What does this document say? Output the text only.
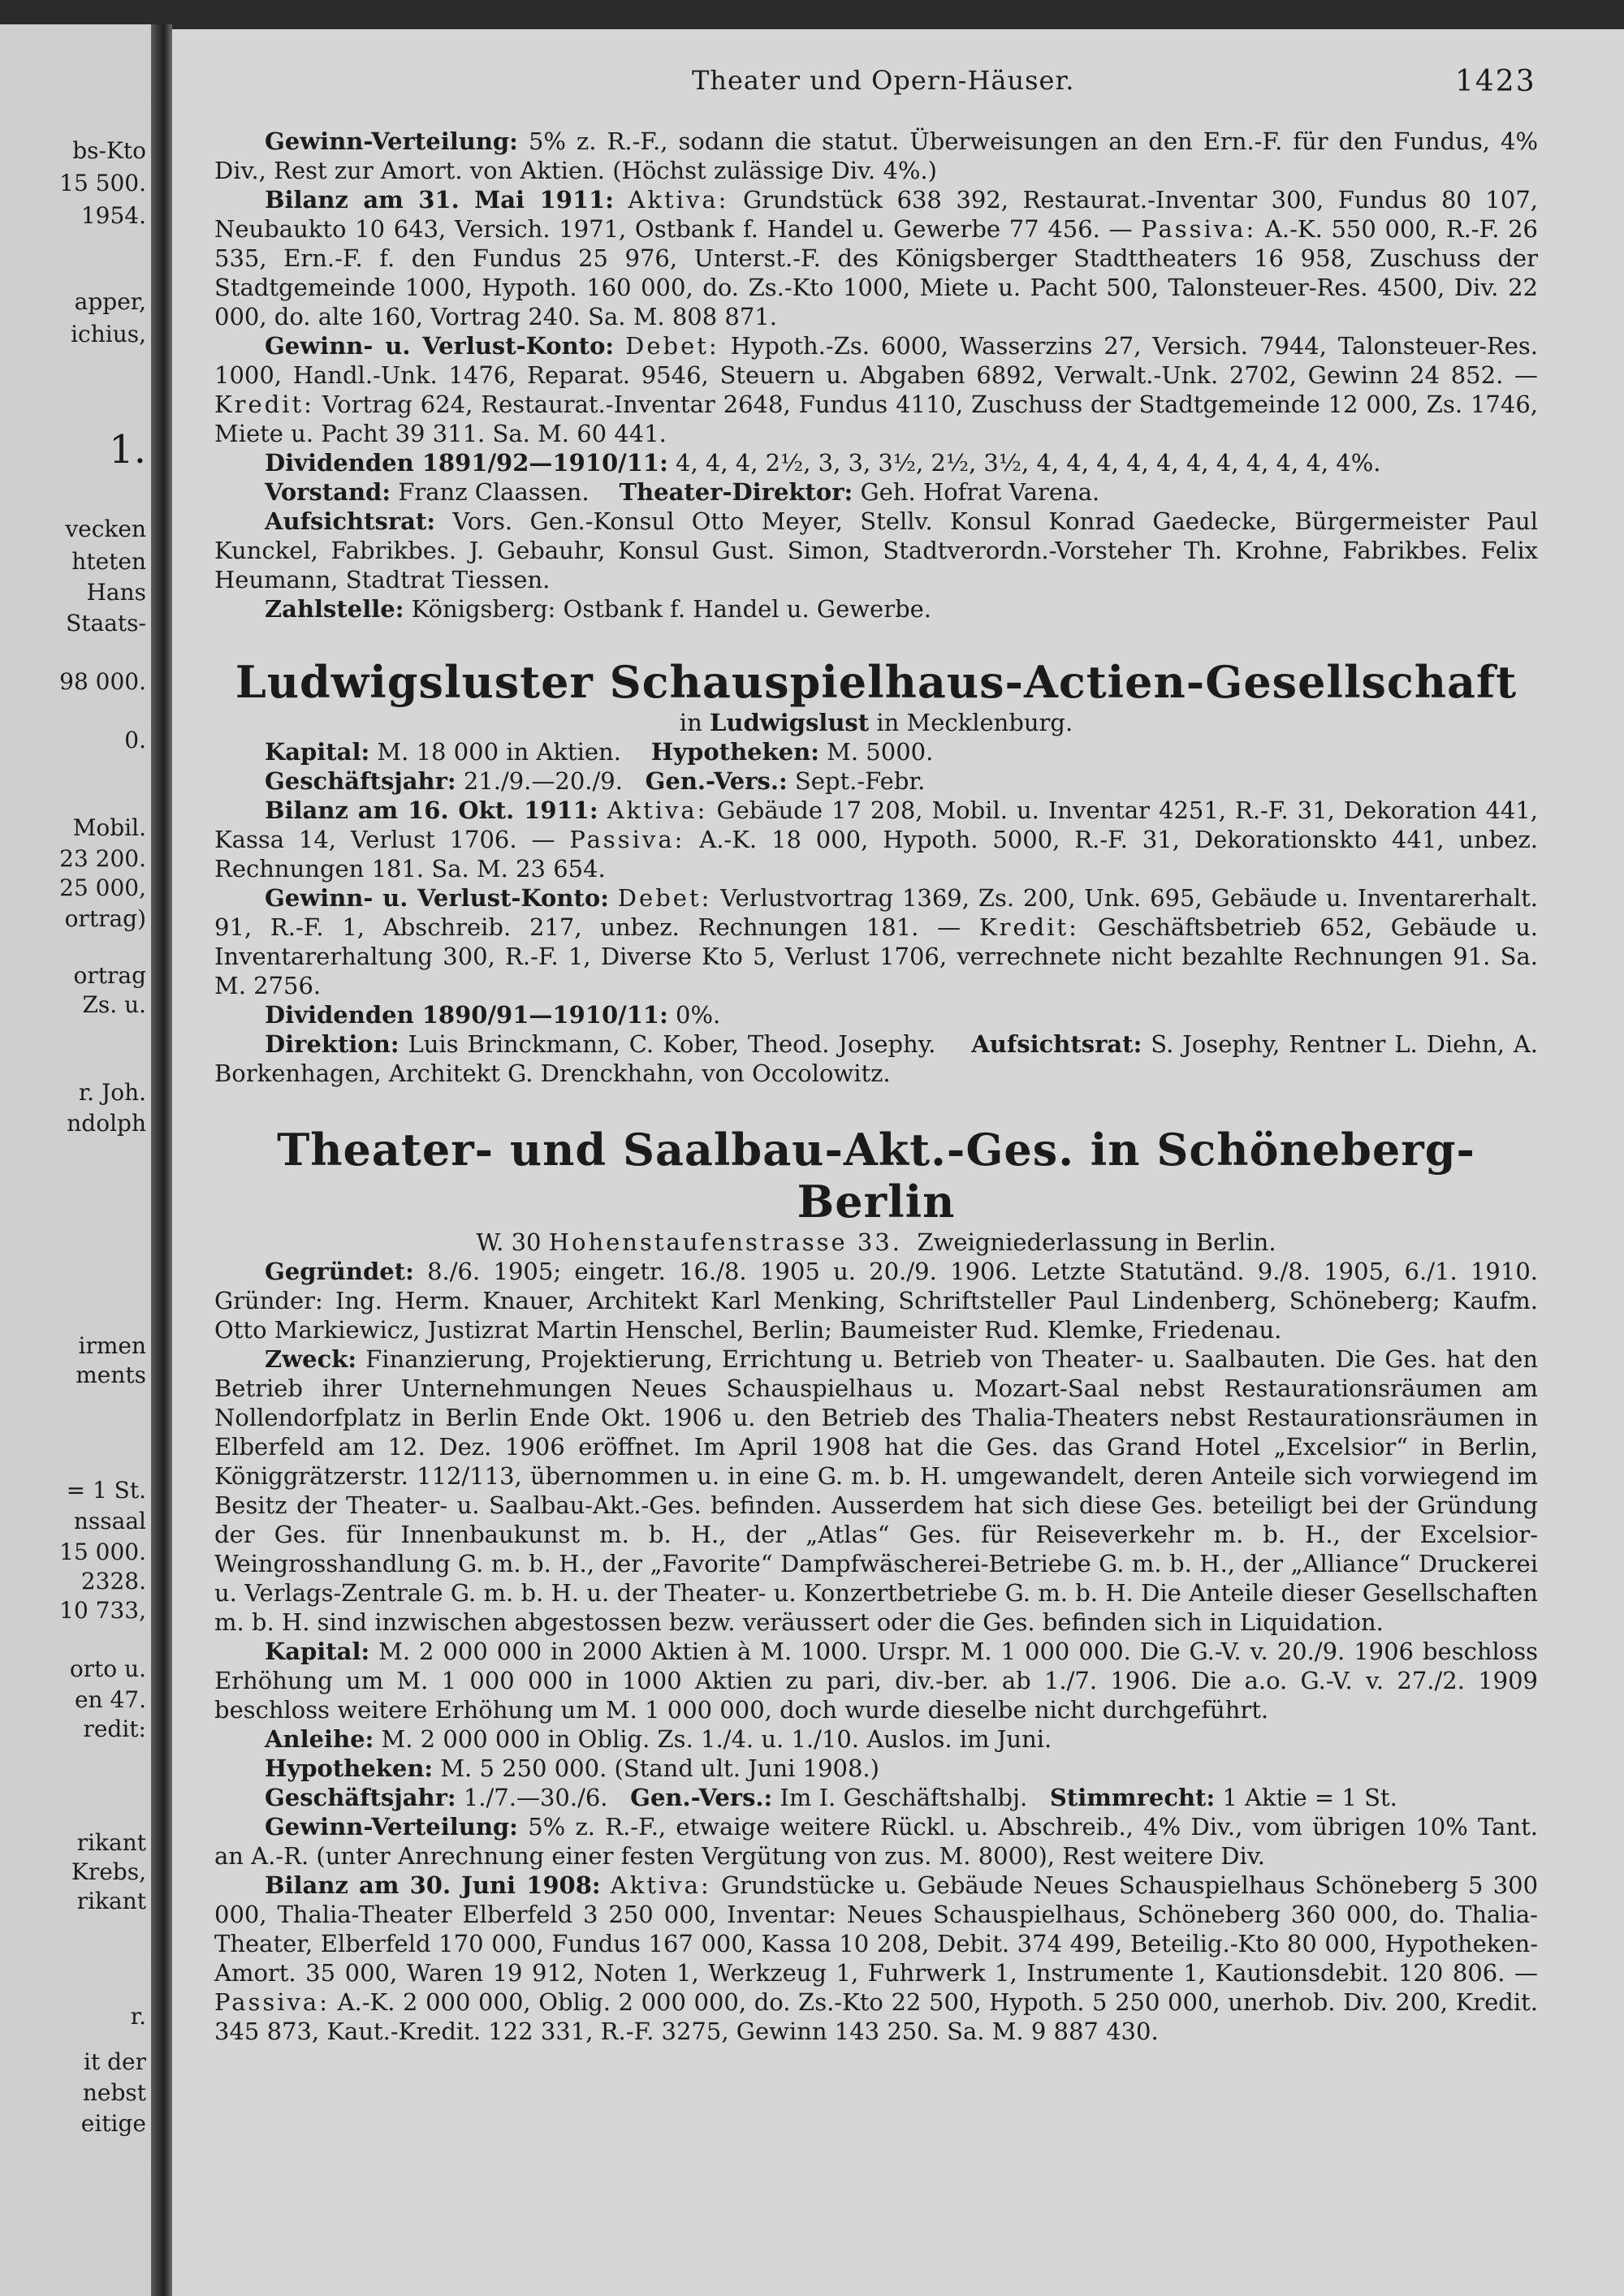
bs-Kto
15 500.
1954.
apper,
ichius,
1.
vecken
hteten
Hans
Staats-
98 000.
0.
Mobil.
23 200.
25 000,
ortrag)
ortrag
Zs. u.
r. Joh.
ndolph
irmen
ments
= 1 St.
nssaal
15 000.
2328.
10 733,
orto u.
en 47.
redit:
rikant
Krebs,
rikant
r.
it der
nebst
eitige
Theater und Opern-Häuser.	1423

Gewinn-Verteilung: 5% z. R.-F., sodann die statut. Überweisungen an den Ern.-F. für den Fundus, 4% Div., Rest zur Amort. von Aktien. (Höchst zulässige Div. 4%.)

Bilanz am 31. Mai 1911: Aktiva: Grundstück 638 392, Restaurat.-Inventar 300, Fundus 80 107, Neubaukto 10 643, Versich. 1971, Ostbank f. Handel u. Gewerbe 77 456. — Passiva: A.-K. 550 000, R.-F. 26 535, Ern.-F. f. den Fundus 25 976, Unterst.-F. des Königsberger Stadttheaters 16 958, Zuschuss der Stadtgemeinde 1000, Hypoth. 160 000, do. Zs.-Kto 1000, Miete u. Pacht 500, Talonsteuer-Res. 4500, Div. 22 000, do. alte 160, Vortrag 240. Sa. M. 808 871.

Gewinn- u. Verlust-Konto: Debet: Hypoth.-Zs. 6000, Wasserzins 27, Versich. 7944, Talonsteuer-Res. 1000, Handl.-Unk. 1476, Reparat. 9546, Steuern u. Abgaben 6892, Verwalt.-Unk. 2702, Gewinn 24 852. — Kredit: Vortrag 624, Restaurat.-Inventar 2648, Fundus 4110, Zuschuss der Stadtgemeinde 12 000, Zs. 1746, Miete u. Pacht 39 311. Sa. M. 60 441.

Dividenden 1891/92—1910/11: 4, 4, 4, 2½, 3, 3, 3½, 2½, 3½, 4, 4, 4, 4, 4, 4, 4, 4, 4, 4, 4%.

Vorstand: Franz Claassen. Theater-Direktor: Geh. Hofrat Varena.

Aufsichtsrat: Vors. Gen.-Konsul Otto Meyer, Stellv. Konsul Konrad Gaedecke, Bürgermeister Paul Kunckel, Fabrikbes. J. Gebauhr, Konsul Gust. Simon, Stadtverordn.-Vorsteher Th. Krohne, Fabrikbes. Felix Heumann, Stadtrat Tiessen.

Zahlstelle: Königsberg: Ostbank f. Handel u. Gewerbe.

Ludwigsluster Schauspielhaus-Actien-Gesellschaft

in Ludwigslust in Mecklenburg.

Kapital: M. 18 000 in Aktien. Hypotheken: M. 5000.

Geschäftsjahr: 21./9.—20./9. Gen.-Vers.: Sept.-Febr.

Bilanz am 16. Okt. 1911: Aktiva: Gebäude 17 208, Mobil. u. Inventar 4251, R.-F. 31, Dekoration 441, Kassa 14, Verlust 1706. — Passiva: A.-K. 18 000, Hypoth. 5000, R.-F. 31, Dekorationskto 441, unbez. Rechnungen 181. Sa. M. 23 654.

Gewinn- u. Verlust-Konto: Debet: Verlustvortrag 1369, Zs. 200, Unk. 695, Gebäude u. Inventarerhalt. 91, R.-F. 1, Abschreib. 217, unbez. Rechnungen 181. — Kredit: Geschäftsbetrieb 652, Gebäude u. Inventarerhaltung 300, R.-F. 1, Diverse Kto 5, Verlust 1706, verrechnete nicht bezahlte Rechnungen 91. Sa. M. 2756.

Dividenden 1890/91—1910/11: 0%.

Direktion: Luis Brinckmann, C. Kober, Theod. Josephy. Aufsichtsrat: S. Josephy, Rentner L. Diehn, A. Borkenhagen, Architekt G. Drenckhahn, von Occolowitz.

Theater- und Saalbau-Akt.-Ges. in Schöneberg-Berlin

W. 30 Hohenstaufenstrasse 33. Zweigniederlassung in Berlin.

Gegründet: 8./6. 1905; eingetr. 16./8. 1905 u. 20./9. 1906. Letzte Statutänd. 9./8. 1905, 6./1. 1910. Gründer: Ing. Herm. Knauer, Architekt Karl Menking, Schriftsteller Paul Lindenberg, Schöneberg; Kaufm. Otto Markiewicz, Justizrat Martin Henschel, Berlin; Baumeister Rud. Klemke, Friedenau.

Zweck: Finanzierung, Projektierung, Errichtung u. Betrieb von Theater- u. Saalbauten. Die Ges. hat den Betrieb ihrer Unternehmungen Neues Schauspielhaus u. Mozart-Saal nebst Restaurationsräumen am Nollendorfplatz in Berlin Ende Okt. 1906 u. den Betrieb des Thalia-Theaters nebst Restaurationsräumen in Elberfeld am 12. Dez. 1906 eröffnet. Im April 1908 hat die Ges. das Grand Hotel „Excelsior“ in Berlin, Königgrätzerstr. 112/113, übernommen u. in eine G. m. b. H. umgewandelt, deren Anteile sich vorwiegend im Besitz der Theater- u. Saalbau-Akt.-Ges. befinden. Ausserdem hat sich diese Ges. beteiligt bei der Gründung der Ges. für Innenbaukunst m. b. H., der „Atlas“ Ges. für Reiseverkehr m. b. H., der Excelsior-Weingrosshandlung G. m. b. H., der „Favorite“ Dampfwäscherei-Betriebe G. m. b. H., der „Alliance“ Druckerei u. Verlags-Zentrale G. m. b. H. u. der Theater- u. Konzertbetriebe G. m. b. H. Die Anteile dieser Gesellschaften m. b. H. sind inzwischen abgestossen bezw. veräussert oder die Ges. befinden sich in Liquidation.

Kapital: M. 2 000 000 in 2000 Aktien à M. 1000. Urspr. M. 1 000 000. Die G.-V. v. 20./9. 1906 beschloss Erhöhung um M. 1 000 000 in 1000 Aktien zu pari, div.-ber. ab 1./7. 1906. Die a.o. G.-V. v. 27./2. 1909 beschloss weitere Erhöhung um M. 1 000 000, doch wurde dieselbe nicht durchgeführt.

Anleihe: M. 2 000 000 in Oblig. Zs. 1./4. u. 1./10. Auslos. im Juni.

Hypotheken: M. 5 250 000. (Stand ult. Juni 1908.)

Geschäftsjahr: 1./7.—30./6. Gen.-Vers.: Im I. Geschäftshalbj. Stimmrecht: 1 Aktie = 1 St.

Gewinn-Verteilung: 5% z. R.-F., etwaige weitere Rückl. u. Abschreib., 4% Div., vom übrigen 10% Tant. an A.-R. (unter Anrechnung einer festen Vergütung von zus. M. 8000), Rest weitere Div.

Bilanz am 30. Juni 1908: Aktiva: Grundstücke u. Gebäude Neues Schauspielhaus Schöneberg 5 300 000, Thalia-Theater Elberfeld 3 250 000, Inventar: Neues Schauspielhaus, Schöneberg 360 000, do. Thalia-Theater, Elberfeld 170 000, Fundus 167 000, Kassa 10 208, Debit. 374 499, Beteilig.-Kto 80 000, Hypotheken-Amort. 35 000, Waren 19 912, Noten 1, Werkzeug 1, Fuhrwerk 1, Instrumente 1, Kautionsdebit. 120 806. — Passiva: A.-K. 2 000 000, Oblig. 2 000 000, do. Zs.-Kto 22 500, Hypoth. 5 250 000, unerhob. Div. 200, Kredit. 345 873, Kaut.-Kredit. 122 331, R.-F. 3275, Gewinn 143 250. Sa. M. 9 887 430.
